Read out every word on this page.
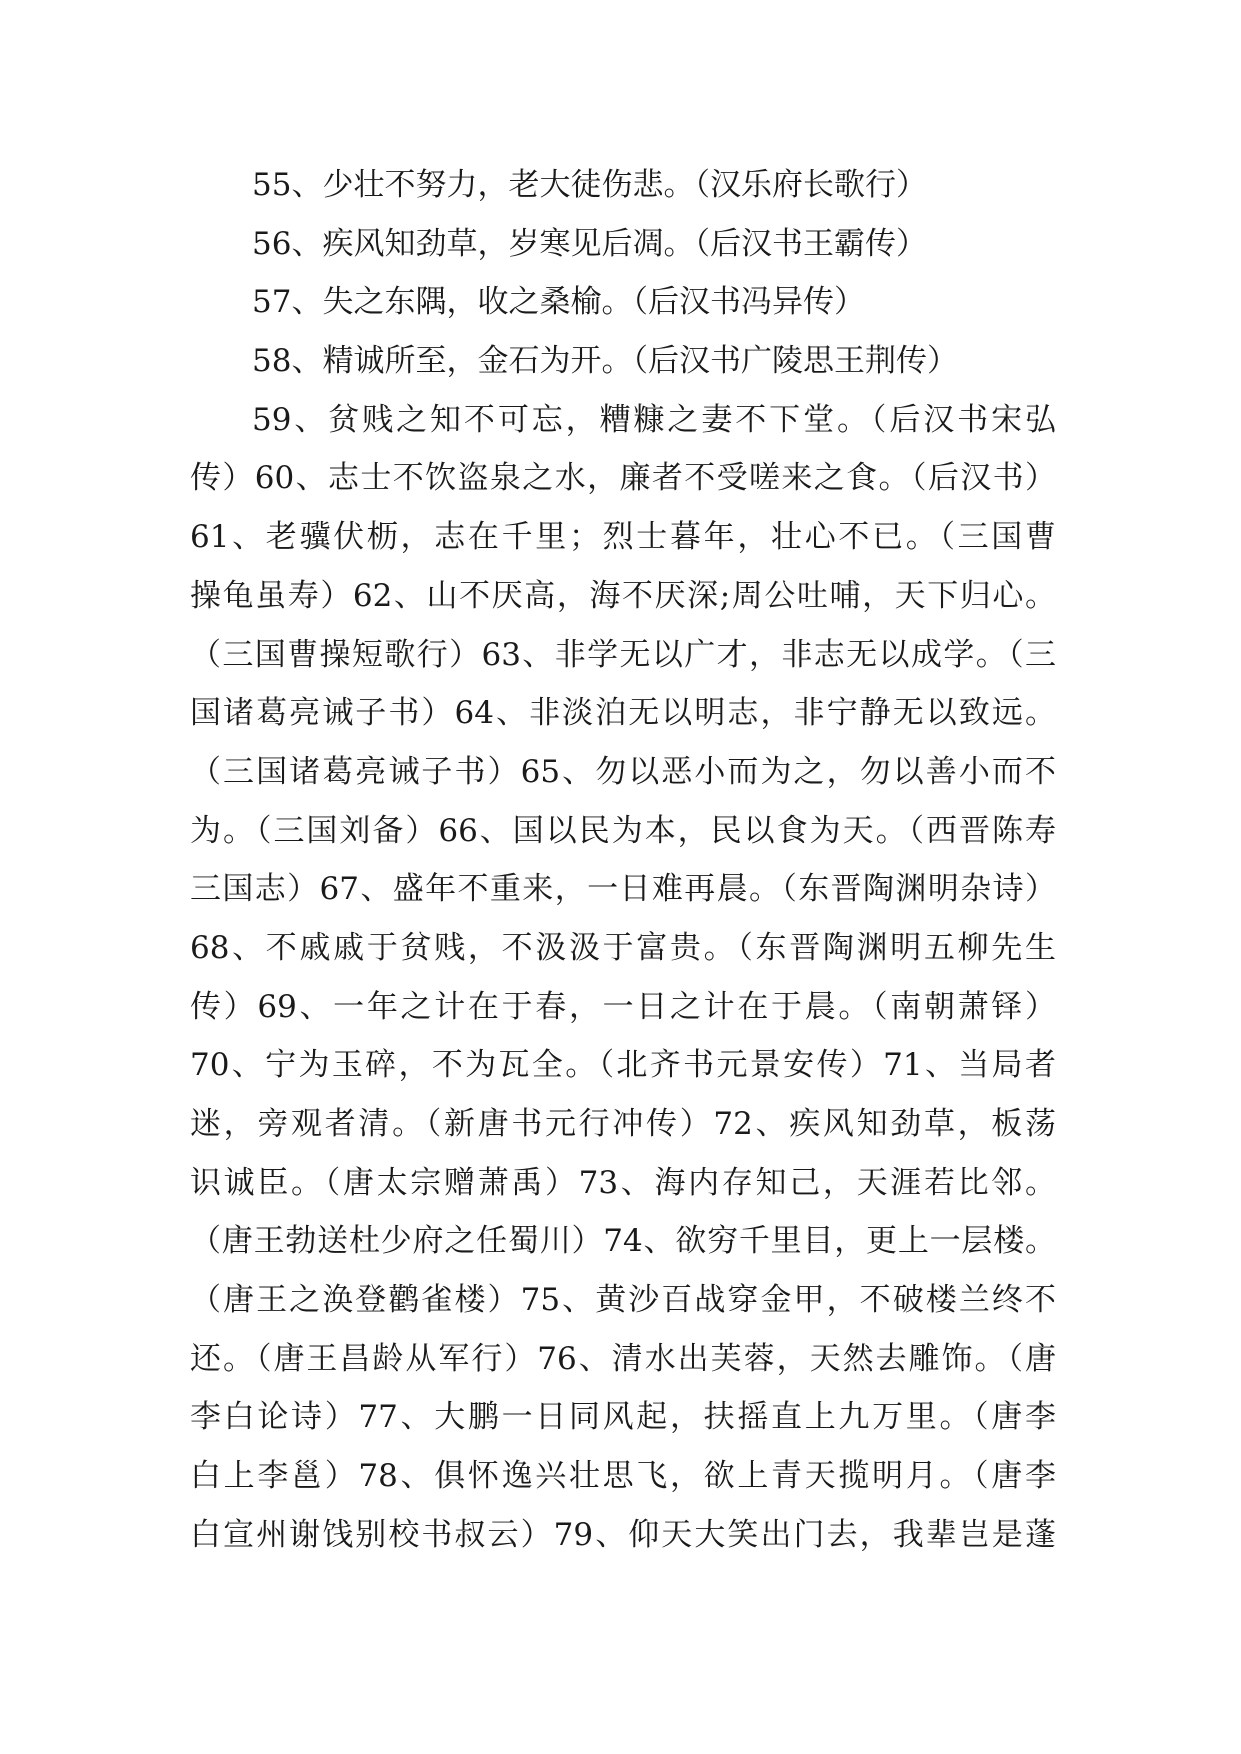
55、少壮不努力，老大徒伤悲。（汉乐府长歌行）
56、疾风知劲草，岁寒见后凋。（后汉书王霸传）
57、失之东隅，收之桑榆。（后汉书冯异传）
58、精诚所至，金石为开。（后汉书广陵思王荆传）
59、贫贱之知不可忘，糟糠之妻不下堂。（后汉书宋弘
传）60、志士不饮盗泉之水，廉者不受嗟来之食。（后汉书）
61、老骥伏枥，志在千里；烈士暮年，壮心不已。（三国曹
操龟虽寿）62、山不厌高，海不厌深;周公吐哺，天下归心。
（三国曹操短歌行）63、非学无以广才，非志无以成学。（三
国诸葛亮诫子书）64、非淡泊无以明志，非宁静无以致远。
（三国诸葛亮诫子书）65、勿以恶小而为之，勿以善小而不
为。（三国刘备）66、国以民为本，民以食为天。（西晋陈寿
三国志）67、盛年不重来，一日难再晨。（东晋陶渊明杂诗）
68、不戚戚于贫贱，不汲汲于富贵。（东晋陶渊明五柳先生
传）69、一年之计在于春，一日之计在于晨。（南朝萧铎）
70、宁为玉碎，不为瓦全。（北齐书元景安传）71、当局者
迷，旁观者清。（新唐书元行冲传）72、疾风知劲草，板荡
识诚臣。（唐太宗赠萧禹）73、海内存知己，天涯若比邻。
（唐王勃送杜少府之任蜀川）74、欲穷千里目，更上一层楼。
（唐王之涣登鹳雀楼）75、黄沙百战穿金甲，不破楼兰终不
还。（唐王昌龄从军行）76、清水出芙蓉，天然去雕饰。（唐
李白论诗）77、大鹏一日同风起，扶摇直上九万里。（唐李
白上李邕）78、俱怀逸兴壮思飞，欲上青天揽明月。（唐李
白宣州谢饯别校书叔云）79、仰天大笑出门去，我辈岂是蓬
